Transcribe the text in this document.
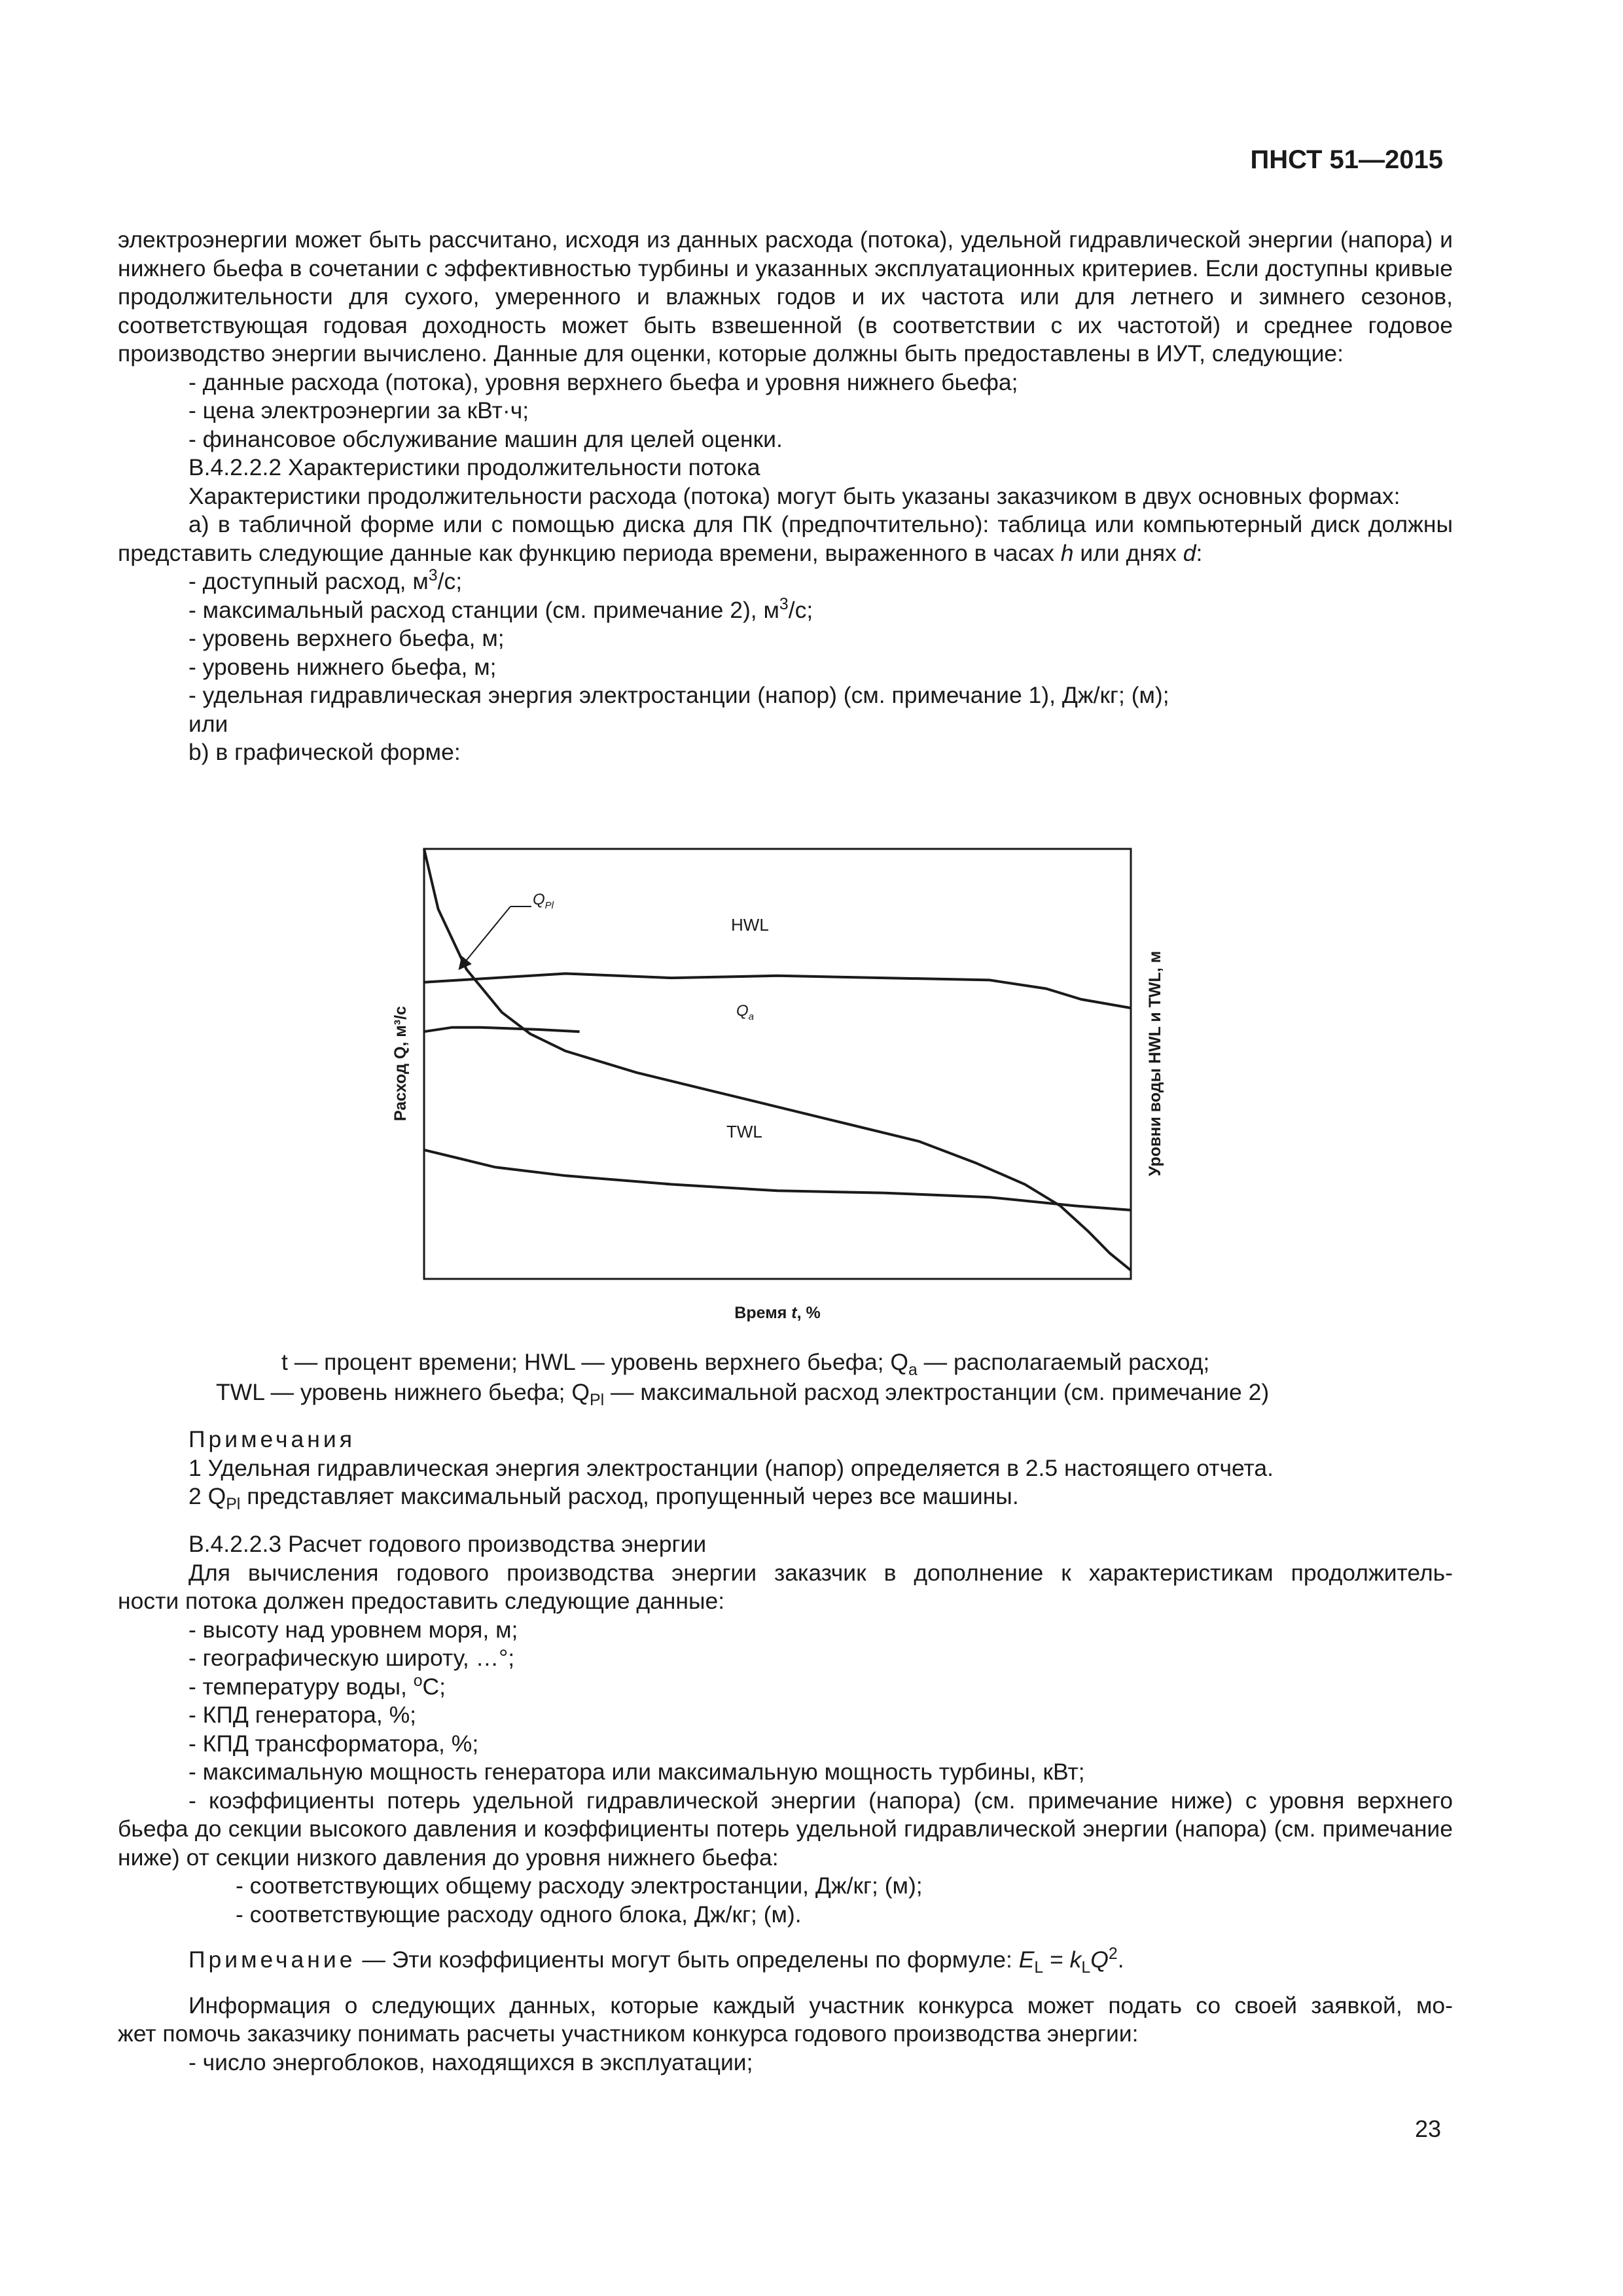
ПНСТ 51—2015

электроэнергии может быть рассчитано, исходя из данных расхода (потока), удельной гидравлической энергии (напора) и нижнего бьефа в сочетании с эффективностью турбины и указанных эксплуатационных критериев. Если доступны кривые продолжительности для сухого, умеренного и влажных годов и их частота или для летнего и зимнего сезонов, соответствующая годовая доходность может быть взвешенной (в соответствии с их частотой) и среднее годовое производство энергии вычислено. Данные для оценки, которые должны быть предоставлены в ИУТ, следующие:

- данные расхода (потока), уровня верхнего бьефа и уровня нижнего бьефа;

- цена электроэнергии за кВт·ч;

- финансовое обслуживание машин для целей оценки.

В.4.2.2.2 Характеристики продолжительности потока

Характеристики продолжительности расхода (потока) могут быть указаны заказчиком в двух основных формах:

а) в табличной форме или с помощью диска для ПК (предпочтительно): таблица или компьютерный диск должны представить следующие данные как функцию периода времени, выраженного в часах h или днях d:

- доступный расход, $м^3/с$;

- максимальный расход станции (см. примечание 2), $м^3/с$;

- уровень верхнего бьефа, м;

- уровень нижнего бьефа, м;

- удельная гидравлическая энергия электростанции (напор) (см. примечание 1), Дж/кг; (м);

или

b) в графической форме:

$Q_{Pl}$
HWL
$Q_a$
TWL
Расход Q, м³/с	Уровни воды HWL и TWL, м
Время t, %

t — процент времени; HWL — уровень верхнего бьефа; $Q_a$ — располагаемый расход;

TWL — уровень нижнего бьефа; $Q_{Pl}$ — максимальной расход электростанции (см. примечание 2)

Примечания

1 Удельная гидравлическая энергия электростанции (напор) определяется в 2.5 настоящего отчета.

2 $Q_{Pl}$ представляет максимальный расход, пропущенный через все машины.

В.4.2.2.3 Расчет годового производства энергии

Для вычисления годового производства энергии заказчик в дополнение к характеристикам продолжитель-

ности потока должен предоставить следующие данные:

- высоту над уровнем моря, м;

- географическую широту, …°;

- температуру воды, $^o$С;

- КПД генератора, %;

- КПД трансформатора, %;

- максимальную мощность генератора или максимальную мощность турбины, кВт;

- коэффициенты потерь удельной гидравлической энергии (напора) (см. примечание ниже) с уровня верхнего бьефа до секции высокого давления и коэффициенты потерь удельной гидравлической энергии (напора) (см. примечание ниже) от секции низкого давления до уровня нижнего бьефа:

- соответствующих общему расходу электростанции, Дж/кг; (м);

- соответствующие расходу одного блока, Дж/кг; (м).

Примечание — Эти коэффициенты могут быть определены по формуле: $E_L = k_LQ^2$.

Информация о следующих данных, которые каждый участник конкурса может подать со своей заявкой, мо-

жет помочь заказчику понимать расчеты участником конкурса годового производства энергии:

- число энергоблоков, находящихся в эксплуатации;

23
